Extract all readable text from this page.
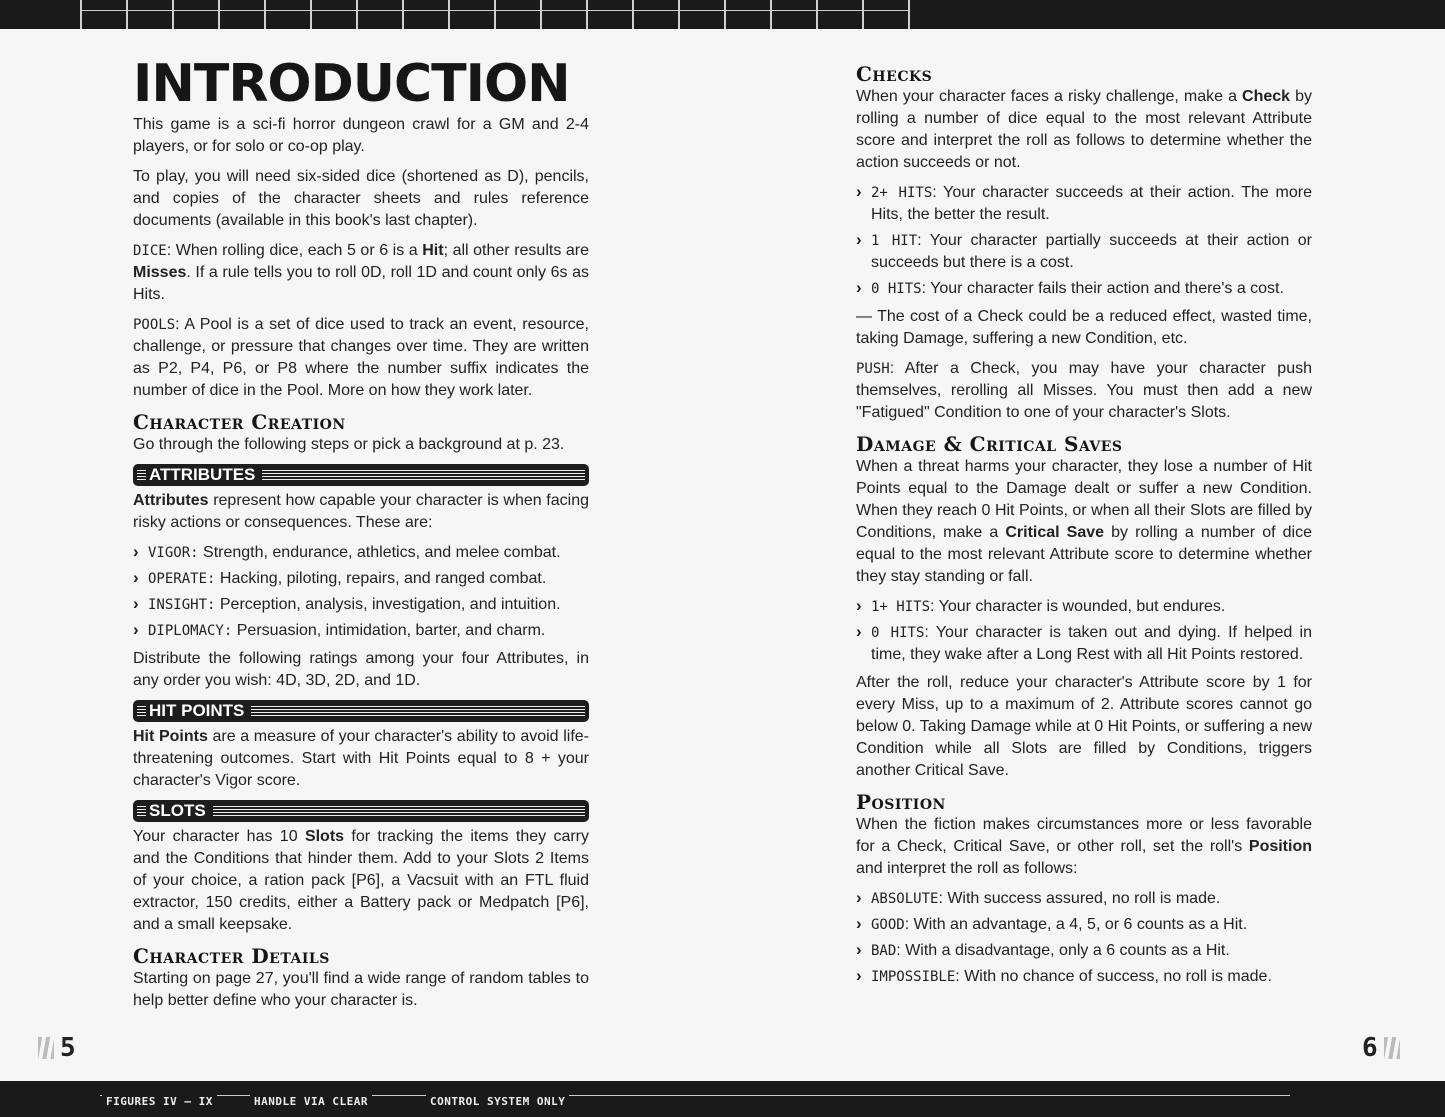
INTRODUCTION

This game is a sci-fi horror dungeon crawl for a GM and 2-4 players, or for solo or co-op play.

To play, you will need six-sided dice (shortened as D), pencils, and copies of the character sheets and rules reference documents (available in this book's last chapter).

DICE: When rolling dice, each 5 or 6 is a Hit; all other results are Misses. If a rule tells you to roll 0D, roll 1D and count only 6s as Hits.

POOLS: A Pool is a set of dice used to track an event, resource, challenge, or pressure that changes over time. They are written as P2, P4, P6, or P8 where the number suffix indicates the number of dice in the Pool. More on how they work later.

Character Creation

Go through the following steps or pick a background at p. 23.

ATTRIBUTES

Attributes represent how capable your character is when facing risky actions or consequences. These are:

› VIGOR: Strength, endurance, athletics, and melee combat.
› OPERATE: Hacking, piloting, repairs, and ranged combat.
› INSIGHT: Perception, analysis, investigation, and intuition.
› DIPLOMACY: Persuasion, intimidation, barter, and charm.

Distribute the following ratings among your four Attributes, in any order you wish: 4D, 3D, 2D, and 1D.

HIT POINTS

Hit Points are a measure of your character's ability to avoid life-threatening outcomes. Start with Hit Points equal to 8 + your character's Vigor score.

SLOTS

Your character has 10 Slots for tracking the items they carry and the Conditions that hinder them. Add to your Slots 2 Items of your choice, a ration pack [P6], a Vacsuit with an FTL fluid extractor, 150 credits, either a Battery pack or Medpatch [P6], and a small keepsake.

Character Details

Starting on page 27, you'll find a wide range of random tables to help better define who your character is.

Checks

When your character faces a risky challenge, make a Check by rolling a number of dice equal to the most relevant Attribute score and interpret the roll as follows to determine whether the action succeeds or not.

› 2+ HITS: Your character succeeds at their action. The more Hits, the better the result.
› 1 HIT: Your character partially succeeds at their action or succeeds but there is a cost.
› 0 HITS: Your character fails their action and there's a cost.

— The cost of a Check could be a reduced effect, wasted time, taking Damage, suffering a new Condition, etc.

PUSH: After a Check, you may have your character push themselves, rerolling all Misses. You must then add a new "Fatigued" Condition to one of your character's Slots.

Damage & Critical Saves

When a threat harms your character, they lose a number of Hit Points equal to the Damage dealt or suffer a new Condition. When they reach 0 Hit Points, or when all their Slots are filled by Conditions, make a Critical Save by rolling a number of dice equal to the most relevant Attribute score to determine whether they stay standing or fall.

› 1+ HITS: Your character is wounded, but endures.
› 0 HITS: Your character is taken out and dying. If helped in time, they wake after a Long Rest with all Hit Points restored.

After the roll, reduce your character's Attribute score by 1 for every Miss, up to a maximum of 2. Attribute scores cannot go below 0. Taking Damage while at 0 Hit Points, or suffering a new Condition while all Slots are filled by Conditions, triggers another Critical Save.

Position

When the fiction makes circumstances more or less favorable for a Check, Critical Save, or other roll, set the roll's Position and interpret the roll as follows:

› ABSOLUTE: With success assured, no roll is made.
› GOOD: With an advantage, a 4, 5, or 6 counts as a Hit.
› BAD: With a disadvantage, only a 6 counts as a Hit.
› IMPOSSIBLE: With no chance of success, no roll is made.
5	6
FIGURES IV – IX	HANDLE VIA CLEAR	CONTROL SYSTEM ONLY
